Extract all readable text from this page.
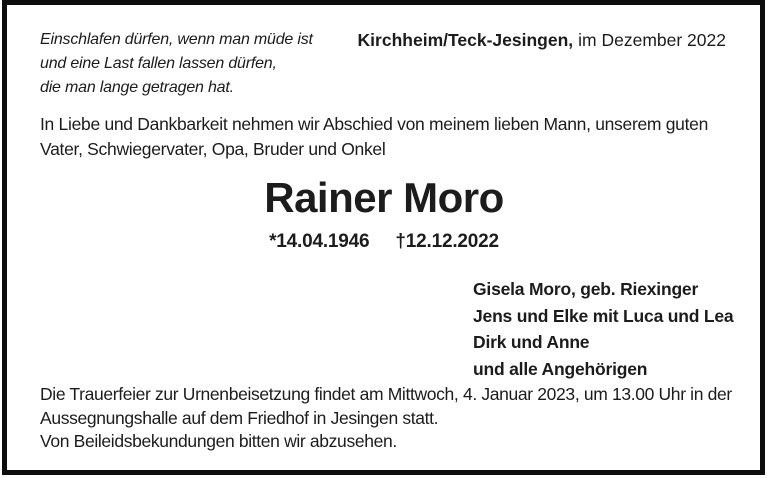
Einschlafen dürfen, wenn man müde ist
und eine Last fallen lassen dürfen,
die man lange getragen hat.
Kirchheim/Teck-Jesingen, im Dezember 2022
In Liebe und Dankbarkeit nehmen wir Abschied von meinem lieben Mann, unserem guten
Vater, Schwiegervater, Opa, Bruder und Onkel
Rainer Moro
*14.04.1946 †12.12.2022
Gisela Moro, geb. Riexinger
Jens und Elke mit Luca und Lea
Dirk und Anne
und alle Angehörigen
Die Trauerfeier zur Urnenbeisetzung findet am Mittwoch, 4. Januar 2023, um 13.00 Uhr in der
Aussegnungshalle auf dem Friedhof in Jesingen statt.
Von Beileidsbekundungen bitten wir abzusehen.
